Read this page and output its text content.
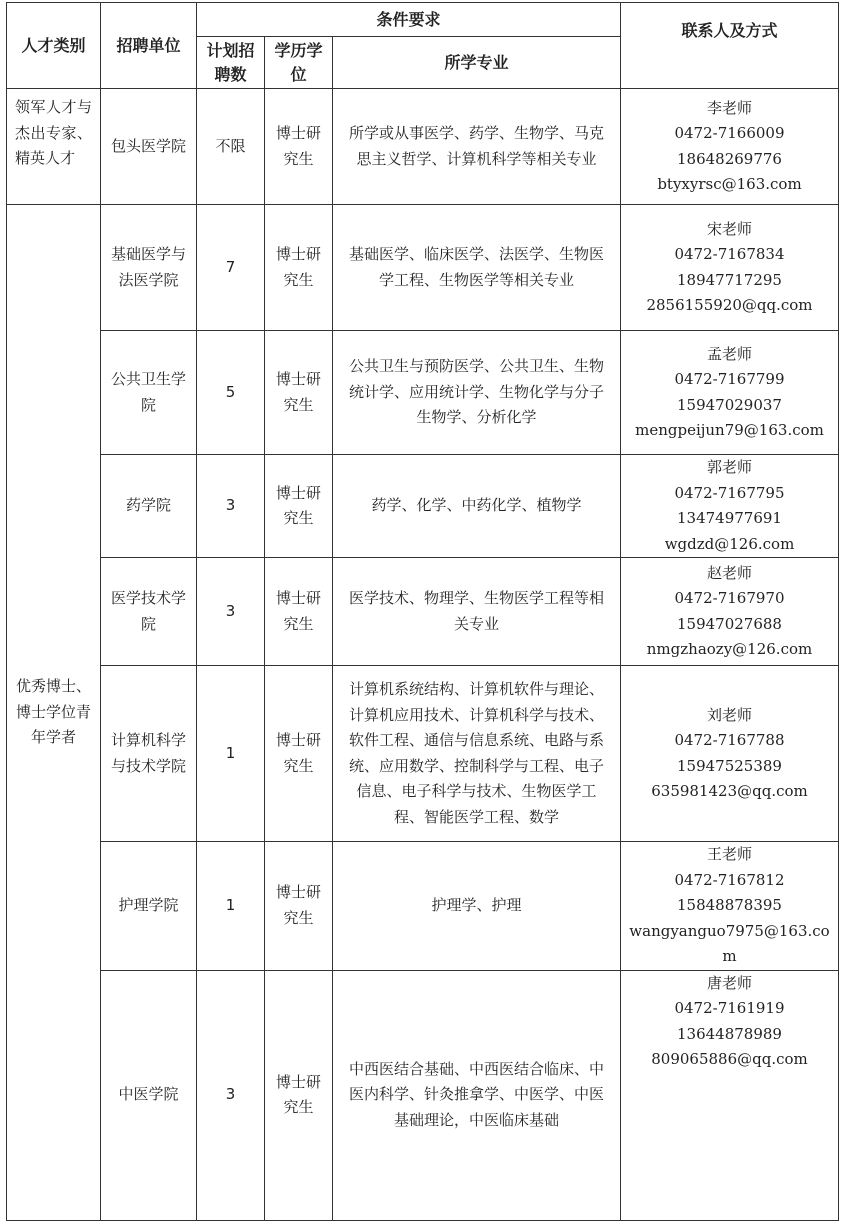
人才类别	招聘单位	条件要求			联系人及方式
		计划招聘数	学历学位	所学专业	
领军人才与杰出专家、精英人才	包头医学院	不限	博士研究生	所学或从事医学、药学、生物学、马克思主义哲学、计算机科学等相关专业	李老师
0472-7166009
18648269776
btyxyrsc@163.com

优秀博士、博士学位青年学者	基础医学与法医学院	7	博士研究生	基础医学、临床医学、法医学、生物医学工程、生物医学等相关专业	宋老师
0472-7167834
18947717295
2856155920@qq.com

	公共卫生学院	5	博士研究生	公共卫生与预防医学、公共卫生、生物统计学、应用统计学、生物化学与分子生物学、分析化学	孟老师
0472-7167799
15947029037
mengpeijun79@163.com

	药学院	3	博士研究生	药学、化学、中药化学、植物学	郭老师
0472-7167795
13474977691
wgdzd@126.com

	医学技术学院	3	博士研究生	医学技术、物理学、生物医学工程等相关专业	赵老师
0472-7167970
15947027688
nmgzhaozy@126.com

	计算机科学与技术学院	1	博士研究生	计算机系统结构、计算机软件与理论、计算机应用技术、计算机科学与技术、软件工程、通信与信息系统、电路与系统、应用数学、控制科学与工程、电子信息、电子科学与技术、生物医学工程、智能医学工程、数学	刘老师
0472-7167788
15947525389
635981423@qq.com

	护理学院	1	博士研究生	护理学、护理	王老师
0472-7167812
15848878395
wangyanguo7975@163.com

	中医学院	3	博士研究生	中西医结合基础、中西医结合临床、中医内科学、针灸推拿学、中医学、中医基础理论，中医临床基础	唐老师
0472-7161919
13644878989
809065886@qq.com
